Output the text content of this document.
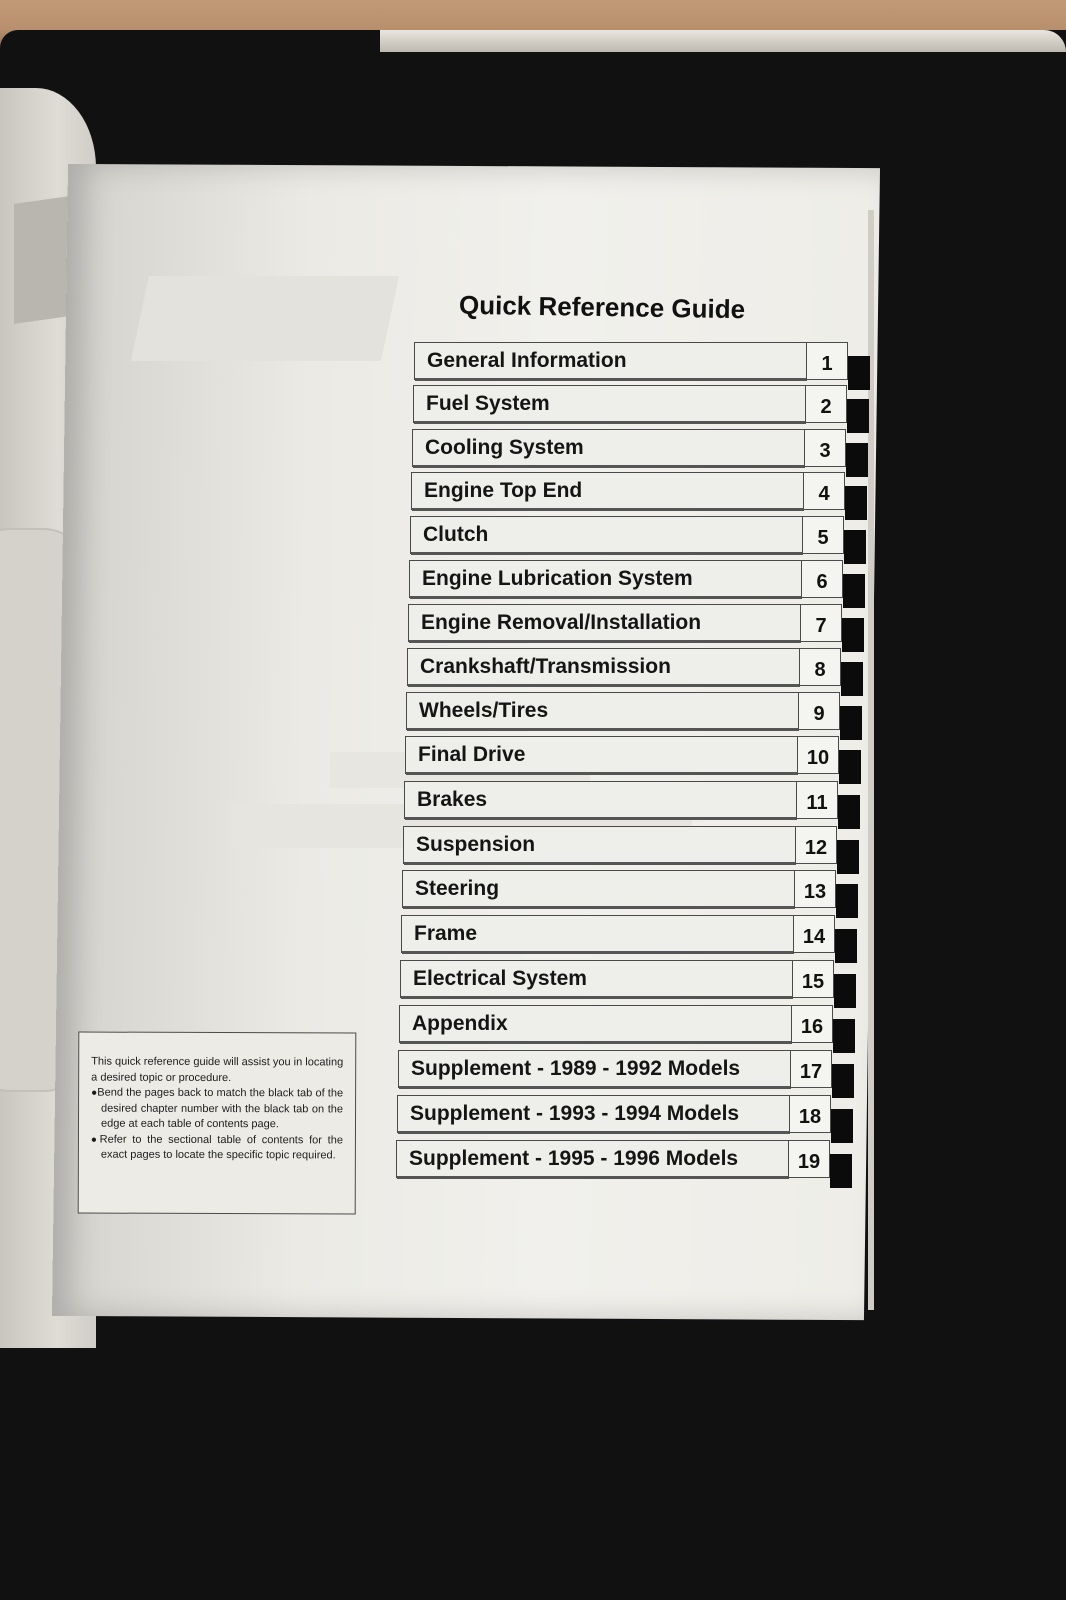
Quick Reference Guide
General Information	1
Fuel System	2
Cooling System	3
Engine Top End	4
Clutch	5
Engine Lubrication System	6
Engine Removal/Installation	7
Crankshaft/Transmission	8
Wheels/Tires	9
Final Drive	10
Brakes	11
Suspension	12
Steering	13
Frame	14
Electrical System	15
Appendix	16
Supplement - 1989 - 1992 Models	17
Supplement - 1993 - 1994 Models	18
Supplement - 1995 - 1996 Models	19

This quick reference guide will assist you in locating a desired topic or procedure.

●Bend the pages back to match the black tab of the desired chapter number with the black tab on the edge at each table of contents page.

●Refer to the sectional table of contents for the exact pages to locate the specific topic required.
